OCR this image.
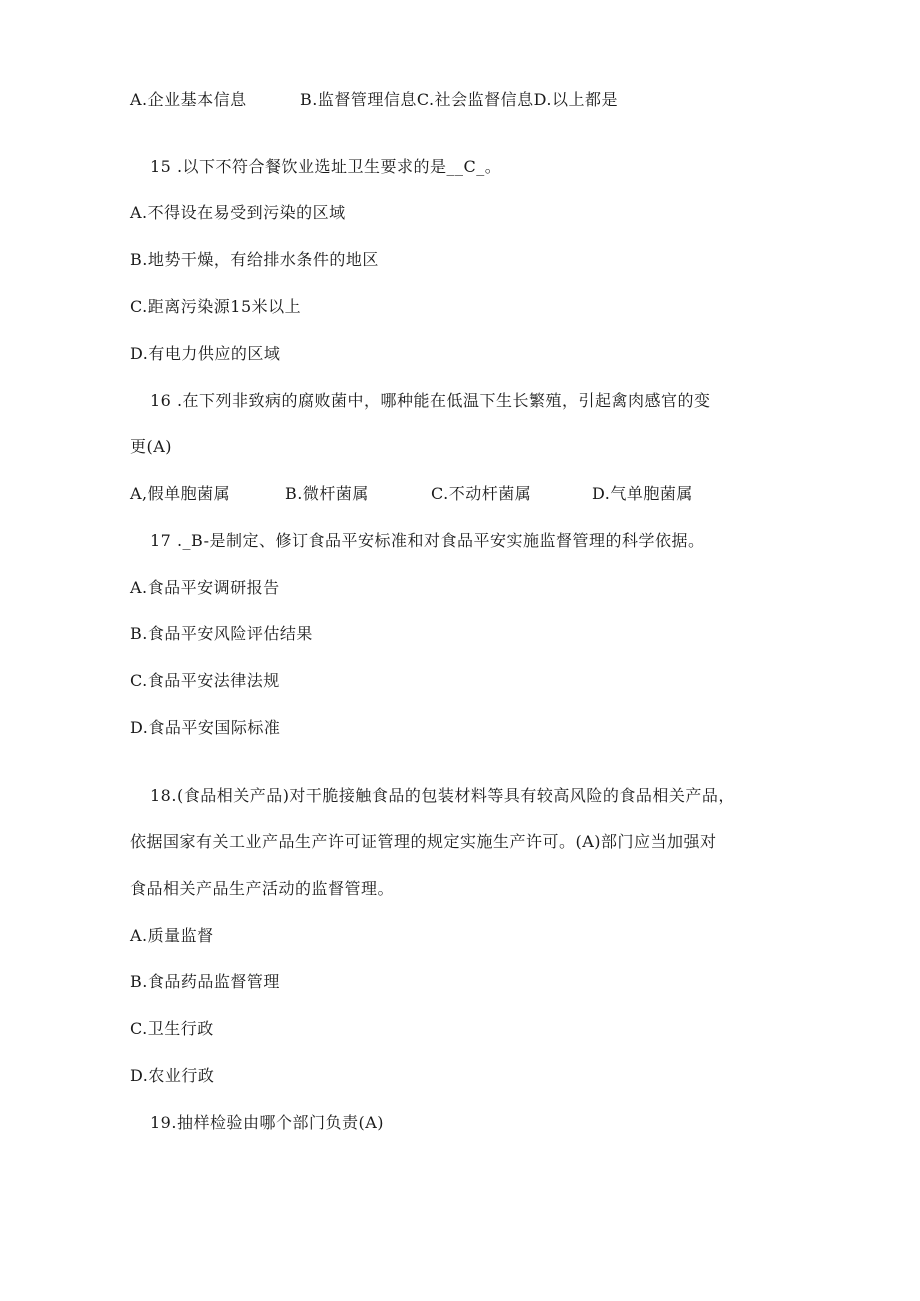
A.企业基本信息	B.监督管理信息C.社会监督信息D.以上都是

15 .以下不符合餐饮业选址卫生要求的是__C_。

A.不得设在易受到污染的区域

B.地势干燥，有给排水条件的地区

C.距离污染源15米以上

D.有电力供应的区域

16 .在下列非致病的腐败菌中，哪种能在低温下生长繁殖，引起禽肉感官的变

更(A)

A,假单胞菌属	B.微杆菌属	C.不动杆菌属	D.气单胞菌属

17 ._B-是制定、修订食品平安标准和对食品平安实施监督管理的科学依据。

A.食品平安调研报告

B.食品平安风险评估结果

C.食品平安法律法规

D.食品平安国际标准

18.(食品相关产品)对干脆接触食品的包装材料等具有较高风险的食品相关产品，

依据国家有关工业产品生产许可证管理的规定实施生产许可。(A)部门应当加强对

食品相关产品生产活动的监督管理。

A.质量监督

B.食品药品监督管理

C.卫生行政

D.农业行政

19.抽样检验由哪个部门负责(A)
